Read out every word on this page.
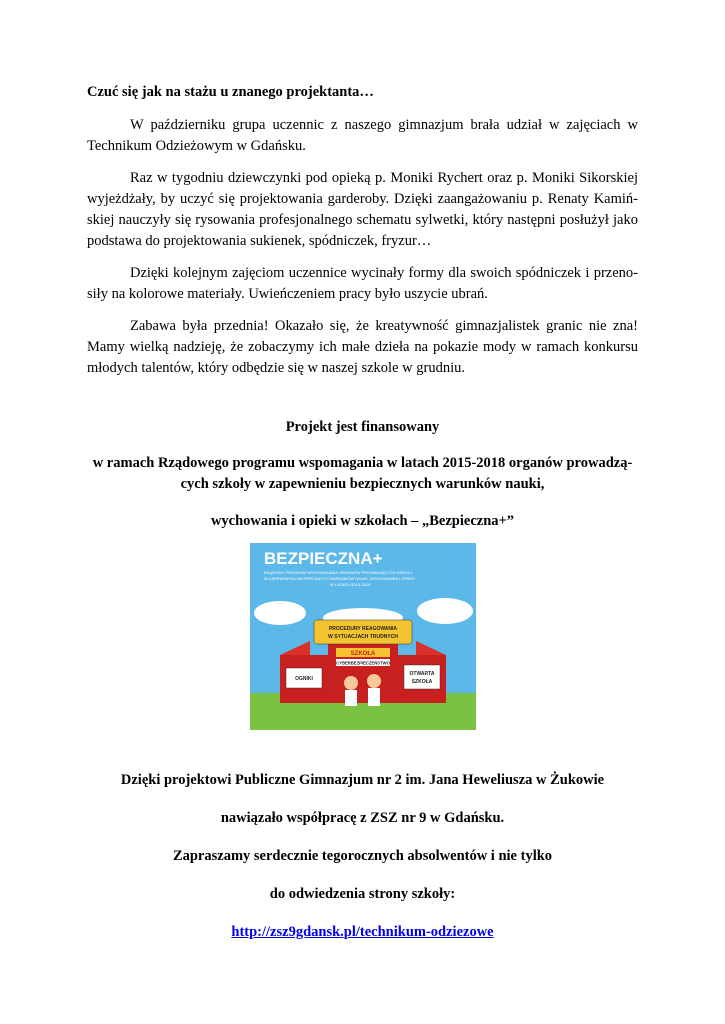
Czuć się jak na stażu u znanego projektanta…

W październiku grupa uczennic z naszego gimnazjum brała udział w zajęciach w Technikum Odzieżowym w Gdańsku.

Raz w tygodniu dziewczynki pod opieką p. Moniki Rychert oraz p. Moniki Sikorskiej wyjeżdżały, by uczyć się projektowania garderoby. Dzięki zaangażowaniu p. Renaty Kamiń- skiej nauczyły się rysowania profesjonalnego schematu sylwetki, który następni posłużył jako podstawa do projektowania sukienek, spódniczek, fryzur…

Dzięki kolejnym zajęciom uczennice wycinały formy dla swoich spódniczek i przeno- siły na kolorowe materiały. Uwieńczeniem pracy było uszycie ubrań.

Zabawa była przednia! Okazało się, że kreatywność gimnazjalistek granic nie zna! Mamy wielką nadzieję, że zobaczymy ich małe dzieła na pokazie mody w ramach konkursu młodych talentów, który odbędzie się w naszej szkole w grudniu.

Projekt jest finansowany

w ramach Rządowego programu wspomagania w latach 2015-2018 organów prowadzą- cych szkoły w zapewnieniu bezpiecznych warunków nauki,

wychowania i opieki w szkołach – „Bezpieczna+”

BEZPIECZNA+
RZĄDOWY PROGRAM WSPOMAGANIA ORGANÓW PROWADZĄCYCH SZKOŁY
W ZAPEWNIENIU BEZPIECZNYCH WARUNKÓW NAUKI, WYCHOWANIA I OPIEKI
W LATACH 2015-2018
PROCEDURY REAGOWANIA
W SYTUACJACH TRUDNYCH
SZKOŁA
CYBERBEZPIECZEŃSTWO
OGNIKI
OTWARTA
SZKOŁA

Dzięki projektowi Publiczne Gimnazjum nr 2 im. Jana Heweliusza w Żukowie

nawiązało współpracę z ZSZ nr 9 w Gdańsku.

Zapraszamy serdecznie tegorocznych absolwentów i nie tylko

do odwiedzenia strony szkoły:

http://zsz9gdansk.pl/technikum-odziezowe
